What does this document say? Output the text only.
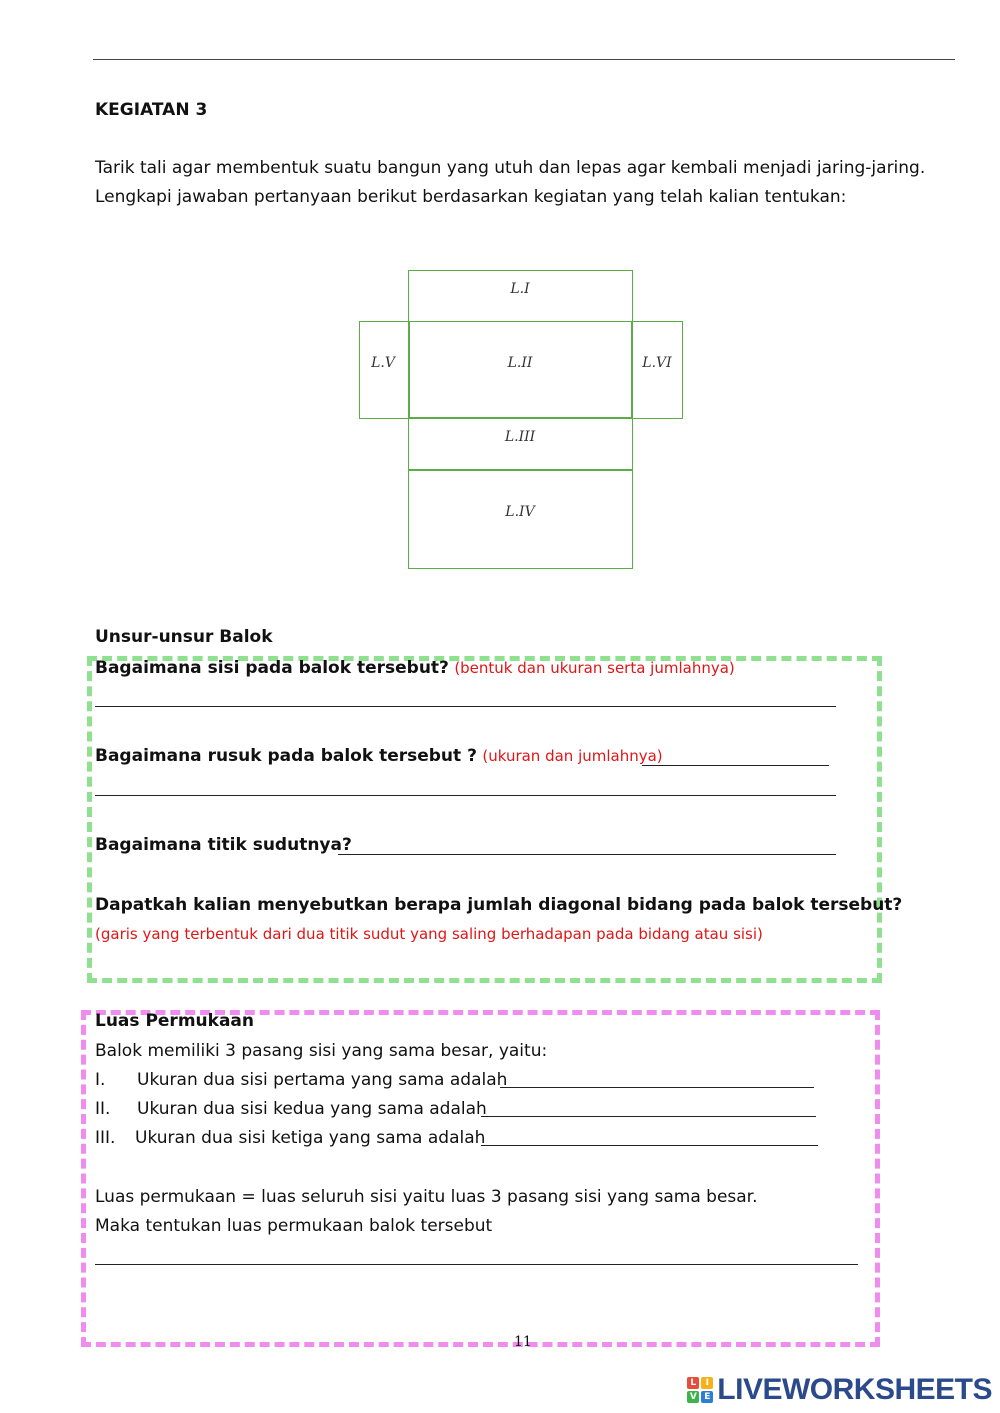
KEGIATAN 3
Tarik tali agar membentuk suatu bangun yang utuh dan lepas agar kembali menjadi jaring-jaring.
Lengkapi jawaban pertanyaan berikut berdasarkan kegiatan yang telah kalian tentukan:
L.I
L.V	L.II	L.VI
L.III
L.IV
Unsur-unsur Balok
Bagaimana sisi pada balok tersebut? (bentuk dan ukuran serta jumlahnya)
Bagaimana rusuk pada balok tersebut ? (ukuran dan jumlahnya)
Bagaimana titik sudutnya?
Dapatkah kalian menyebutkan berapa jumlah diagonal bidang pada balok tersebut?
(garis yang terbentuk dari dua titik sudut yang saling berhadapan pada bidang atau sisi)
Luas Permukaan
Balok memiliki 3 pasang sisi yang sama besar, yaitu:
I. Ukuran dua sisi pertama yang sama adalah
II. Ukuran dua sisi kedua yang sama adalah
III. Ukuran dua sisi ketiga yang sama adalah
Luas permukaan = luas seluruh sisi yaitu luas 3 pasang sisi yang sama besar.
Maka tentukan luas permukaan balok tersebut
11
L	I
V E LIVEWORKSHEETS
